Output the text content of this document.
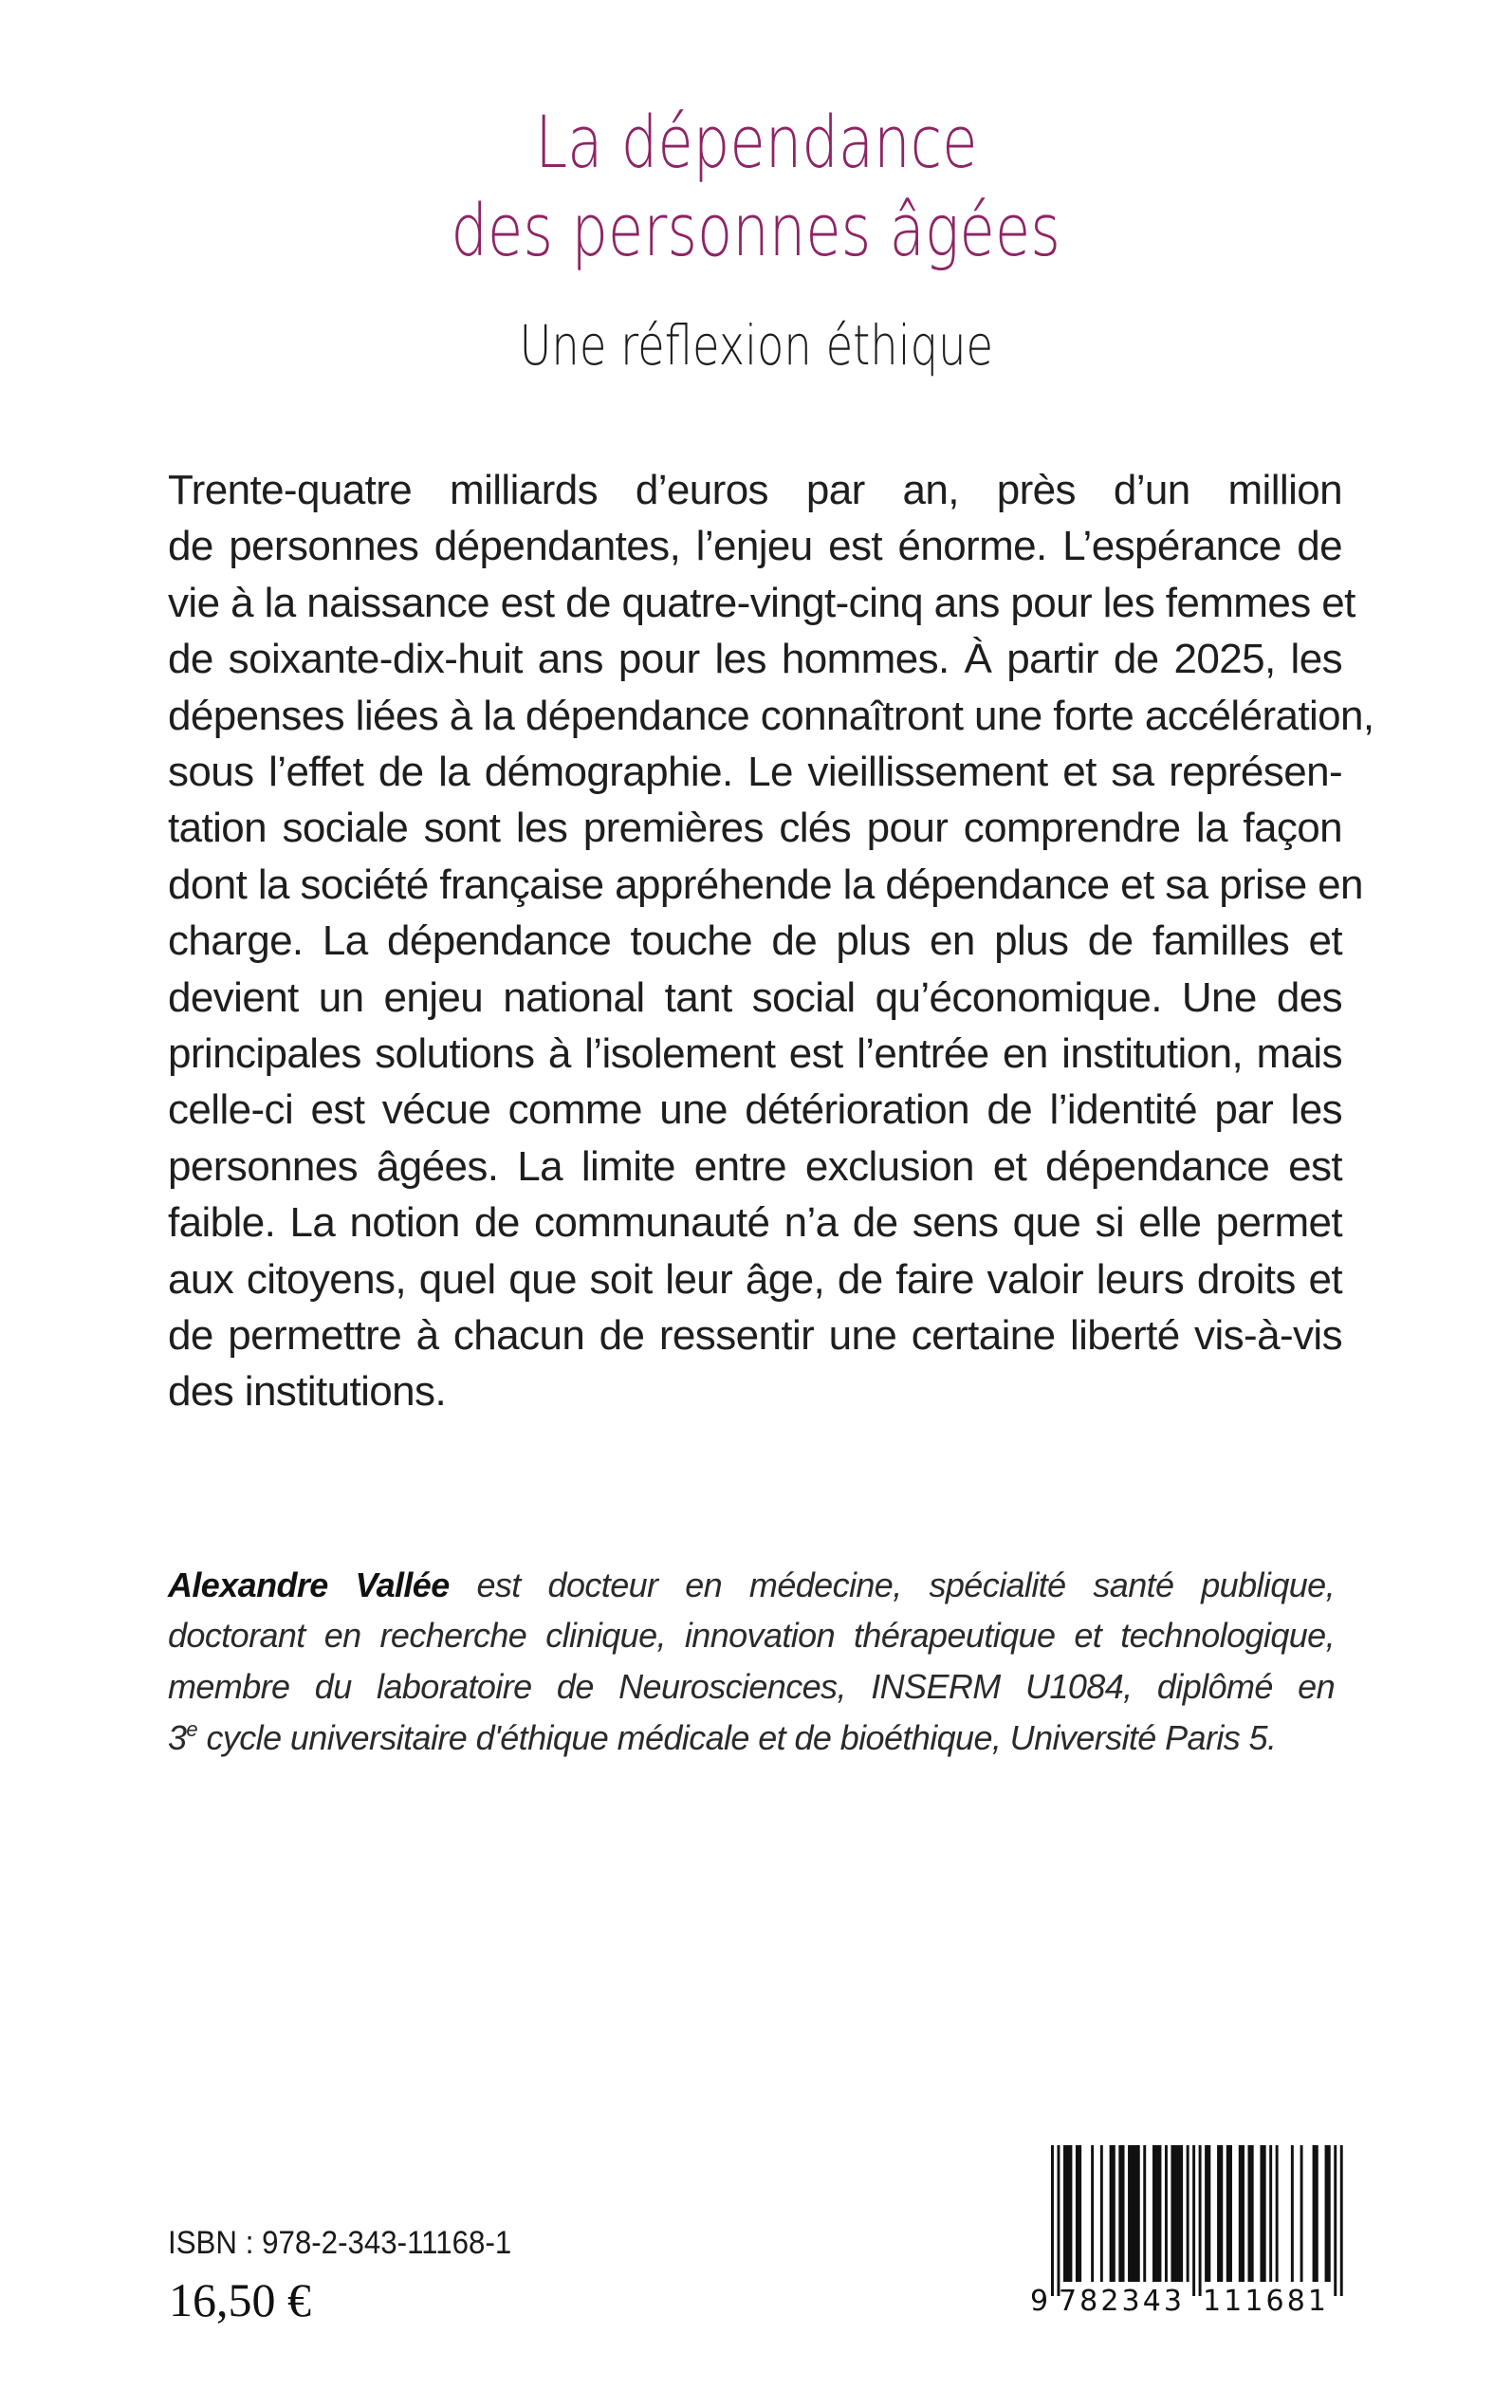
La dépendance
des personnes âgées
Une réflexion éthique
Trente-quatre milliards d’euros par an, près d’un million
de personnes dépendantes, l’enjeu est énorme. L’espérance de
vie à la naissance est de quatre-vingt-cinq ans pour les femmes et
de soixante-dix-huit ans pour les hommes. À partir de 2025, les
dépenses liées à la dépendance connaîtront une forte accélération,
sous l’effet de la démographie. Le vieillissement et sa représen-
tation sociale sont les premières clés pour comprendre la façon
dont la société française appréhende la dépendance et sa prise en
charge. La dépendance touche de plus en plus de familles et
devient un enjeu national tant social qu’économique. Une des
principales solutions à l’isolement est l’entrée en institution, mais
celle-ci est vécue comme une détérioration de l’identité par les
personnes âgées. La limite entre exclusion et dépendance est
faible. La notion de communauté n’a de sens que si elle permet
aux citoyens, quel que soit leur âge, de faire valoir leurs droits et
de permettre à chacun de ressentir une certaine liberté vis-à-vis
des institutions.
Alexandre Vallée est docteur en médecine, spécialité santé publique,
doctorant en recherche clinique, innovation thérapeutique et technologique,
membre du laboratoire de Neurosciences, INSERM U1084, diplômé en
3e cycle universitaire d'éthique médicale et de bioéthique, Université Paris 5.
ISBN : 978-2-343-11168-1
16,50 €	9 7 8 2 3 4 3 1 1 1 6 8 1
